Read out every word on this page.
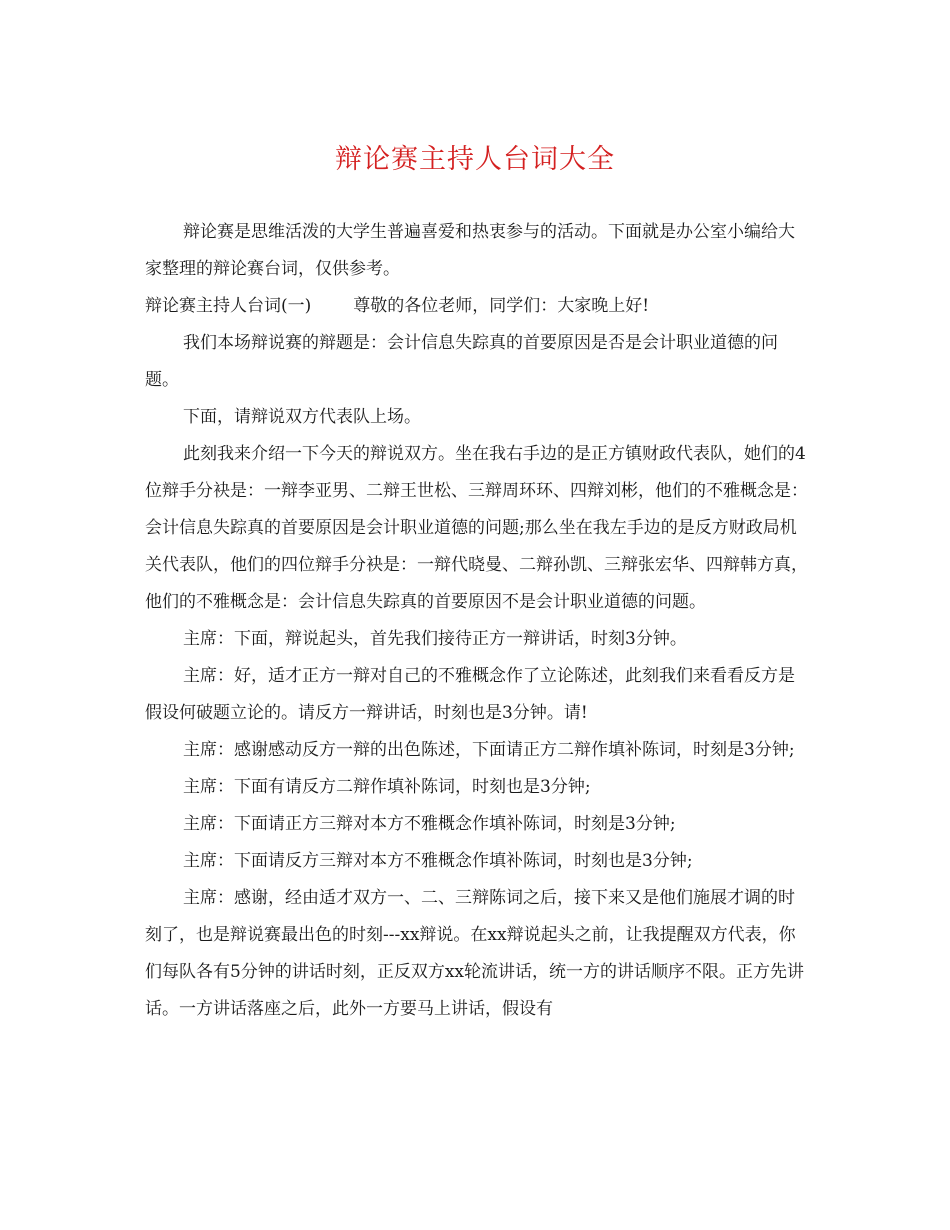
辩论赛主持人台词大全

辩论赛是思维活泼的大学生普遍喜爱和热衷参与的活动。下面就是办公室小编给大家整理的辩论赛台词，仅供参考。

辩论赛主持人台词(一) 尊敬的各位老师，同学们：大家晚上好!

我们本场辩说赛的辩题是：会计信息失踪真的首要原因是否是会计职业道德的问题。

下面，请辩说双方代表队上场。

此刻我来介绍一下今天的辩说双方。坐在我右手边的是正方镇财政代表队，她们的4位辩手分袂是：一辩李亚男、二辩王世松、三辩周环环、四辩刘彬，他们的不雅概念是：会计信息失踪真的首要原因是会计职业道德的问题;那么坐在我左手边的是反方财政局机关代表队，他们的四位辩手分袂是：一辩代晓曼、二辩孙凯、三辩张宏华、四辩韩方真，他们的不雅概念是：会计信息失踪真的首要原因不是会计职业道德的问题。

主席：下面，辩说起头，首先我们接待正方一辩讲话，时刻3分钟。

主席：好，适才正方一辩对自己的不雅概念作了立论陈述，此刻我们来看看反方是假设何破题立论的。请反方一辩讲话，时刻也是3分钟。请!

主席：感谢感动反方一辩的出色陈述，下面请正方二辩作填补陈词，时刻是3分钟;

主席：下面有请反方二辩作填补陈词，时刻也是3分钟;

主席：下面请正方三辩对本方不雅概念作填补陈词，时刻是3分钟;

主席：下面请反方三辩对本方不雅概念作填补陈词，时刻也是3分钟;

主席：感谢，经由适才双方一、二、三辩陈词之后，接下来又是他们施展才调的时刻了，也是辩说赛最出色的时刻---xx辩说。在xx辩说起头之前，让我提醒双方代表，你们每队各有5分钟的讲话时刻，正反双方xx轮流讲话，统一方的讲话顺序不限。正方先讲话。一方讲话落座之后，此外一方要马上讲话，假设有
